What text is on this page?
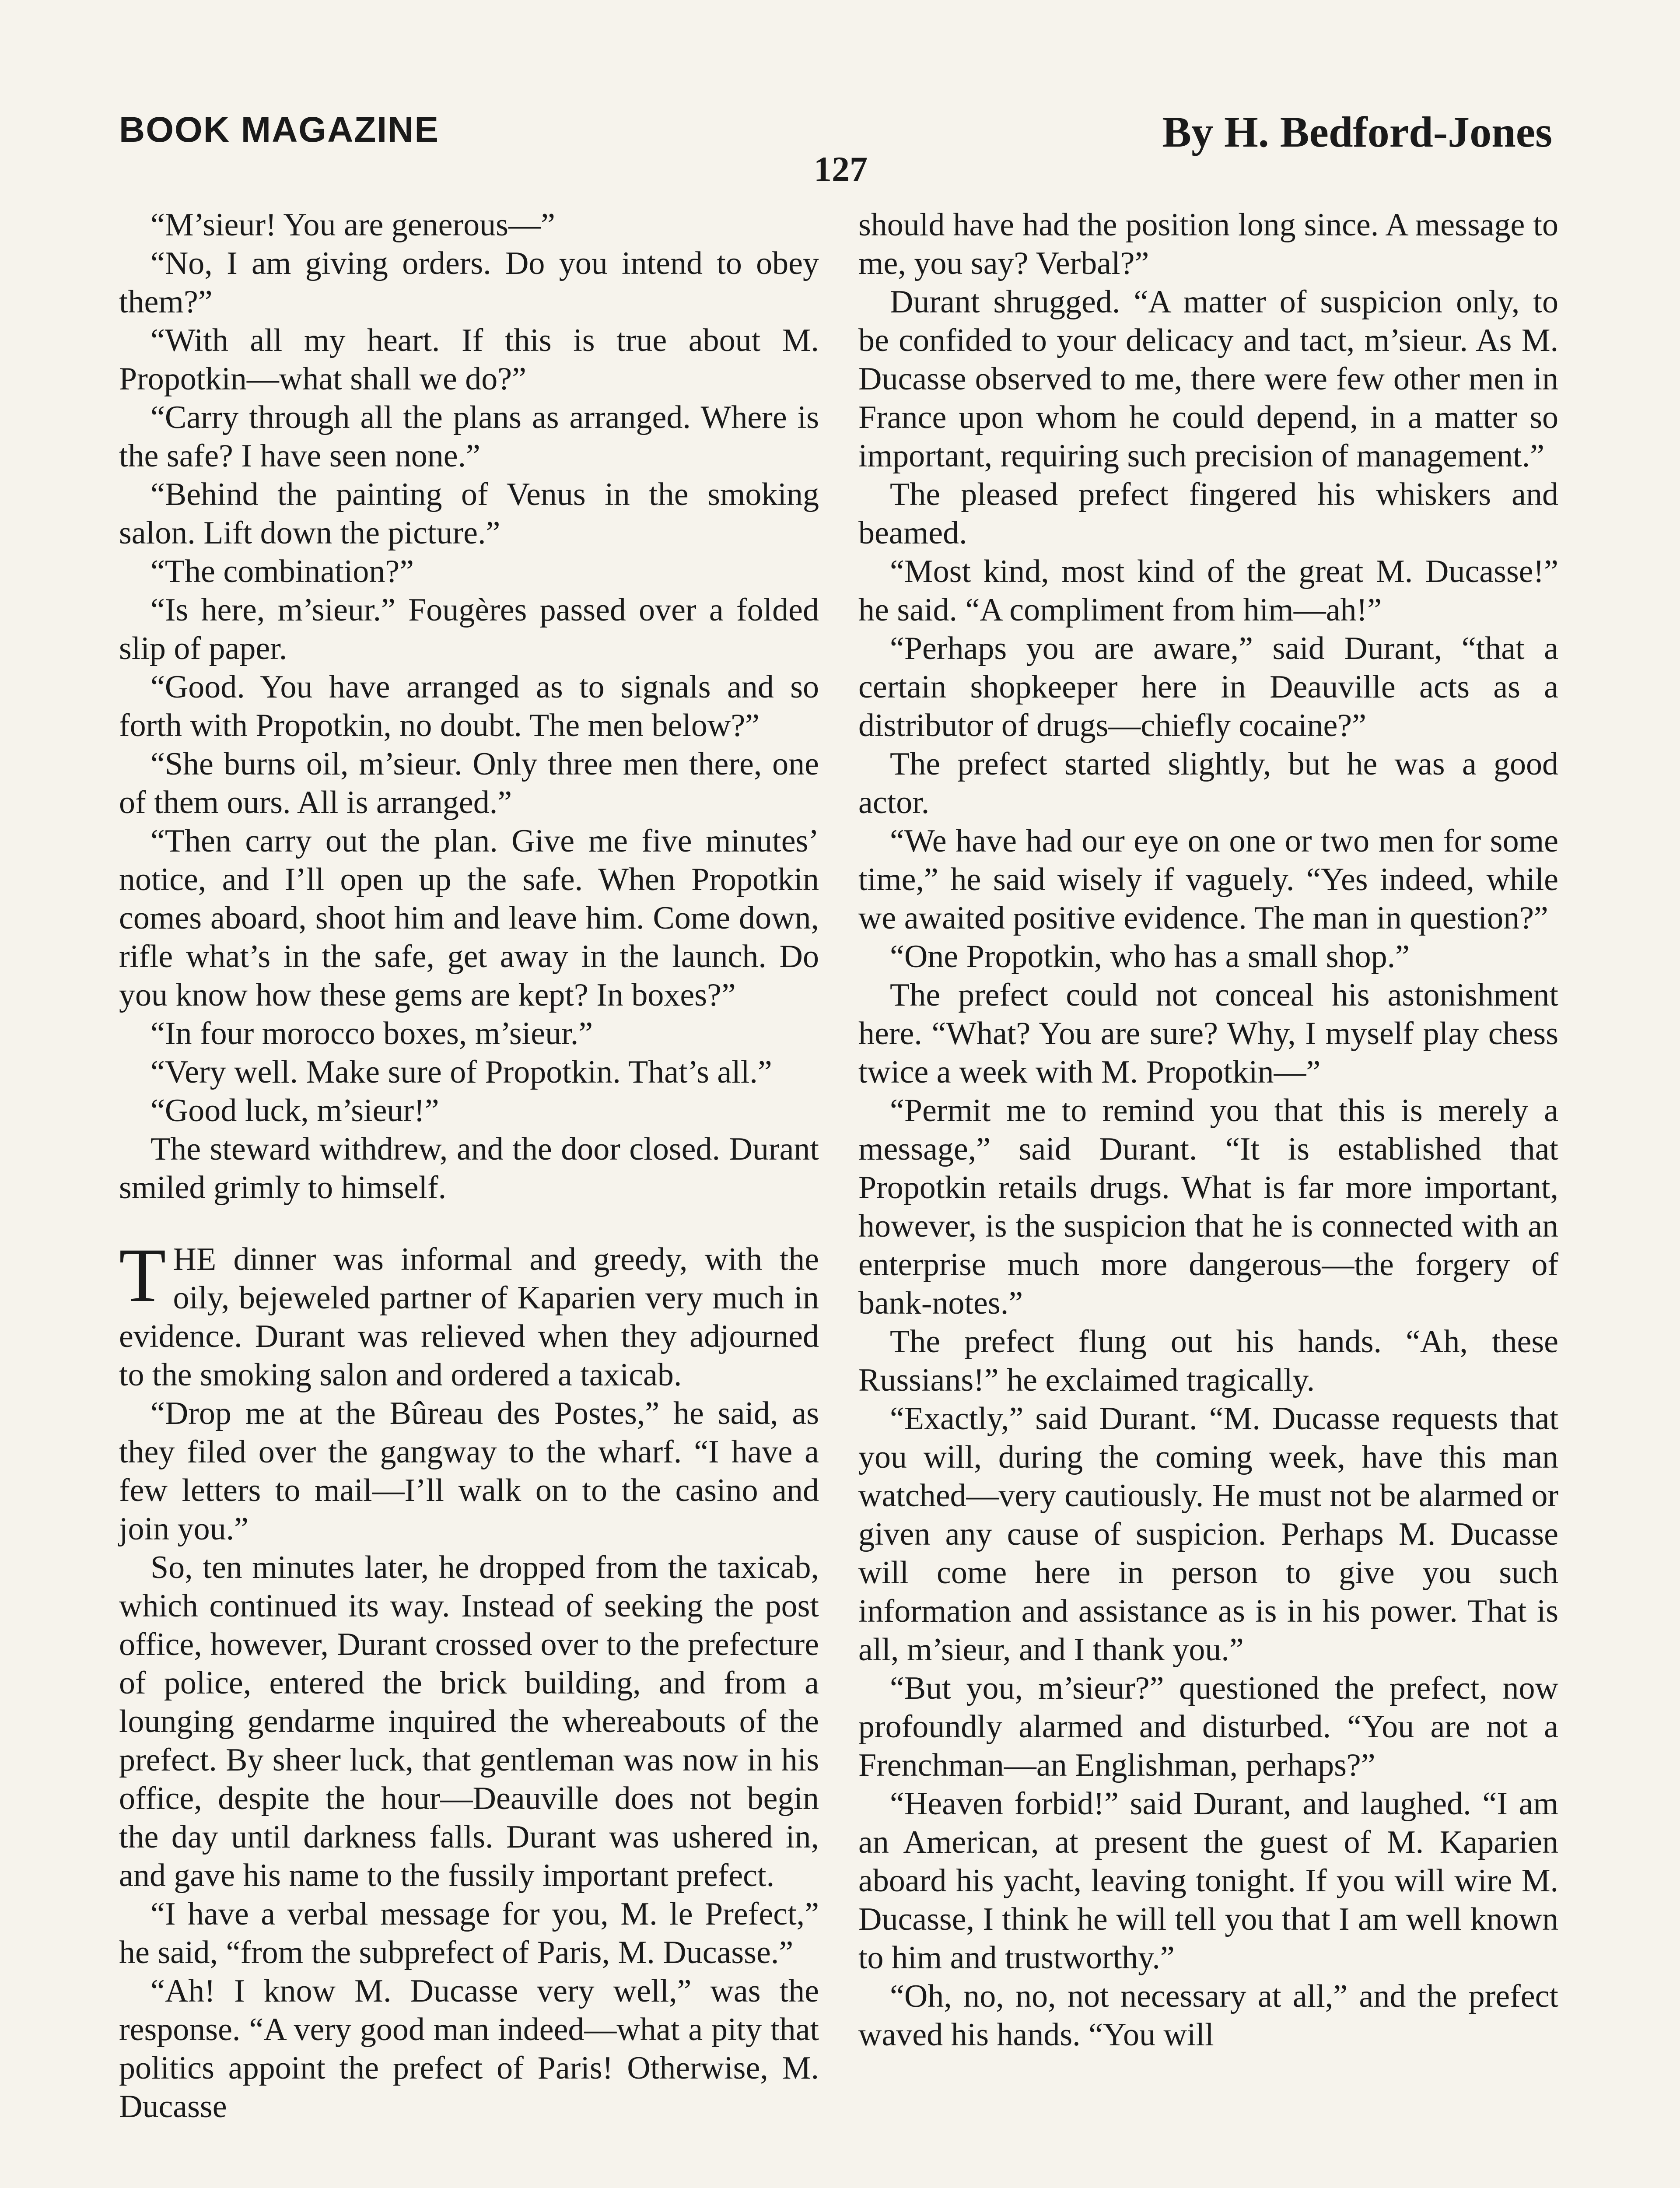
BOOK MAGAZINE	By H. Bedford-Jones
127

“M’sieur! You are generous—”

“No, I am giving orders. Do you intend to obey them?”

“With all my heart. If this is true about M. Propotkin—what shall we do?”

“Carry through all the plans as arranged. Where is the safe? I have seen none.”

“Behind the painting of Venus in the smoking salon. Lift down the picture.”

“The combination?”

“Is here, m’sieur.” Fougères passed over a folded slip of paper.

“Good. You have arranged as to signals and so forth with Propotkin, no doubt. The men below?”

“She burns oil, m’sieur. Only three men there, one of them ours. All is arranged.”

“Then carry out the plan. Give me five minutes’ notice, and I’ll open up the safe. When Propotkin comes aboard, shoot him and leave him. Come down, rifle what’s in the safe, get away in the launch. Do you know how these gems are kept? In boxes?”

“In four morocco boxes, m’sieur.”

“Very well. Make sure of Propotkin. That’s all.”

“Good luck, m’sieur!”

The steward withdrew, and the door closed. Durant smiled grimly to himself.

THE dinner was informal and greedy, with the oily, bejeweled partner of Kaparien very much in evidence. Durant was relieved when they adjourned to the smoking salon and ordered a taxicab.

“Drop me at the Bûreau des Postes,” he said, as they filed over the gangway to the wharf. “I have a few letters to mail—I’ll walk on to the casino and join you.”

So, ten minutes later, he dropped from the taxicab, which continued its way. Instead of seeking the post office, however, Durant crossed over to the prefecture of police, entered the brick building, and from a lounging gendarme inquired the whereabouts of the prefect. By sheer luck, that gentleman was now in his office, despite the hour—Deauville does not begin the day until darkness falls. Durant was ushered in, and gave his name to the fussily important prefect.

“I have a verbal message for you, M. le Prefect,” he said, “from the subprefect of Paris, M. Ducasse.”

“Ah! I know M. Ducasse very well,” was the response. “A very good man indeed—what a pity that politics appoint the prefect of Paris! Otherwise, M. Ducasse

should have had the position long since. A message to me, you say? Verbal?”

Durant shrugged. “A matter of suspicion only, to be confided to your delicacy and tact, m’sieur. As M. Ducasse observed to me, there were few other men in France upon whom he could depend, in a matter so important, requiring such precision of management.”

The pleased prefect fingered his whiskers and beamed.

“Most kind, most kind of the great M. Ducasse!” he said. “A compliment from him—ah!”

“Perhaps you are aware,” said Durant, “that a certain shopkeeper here in Deauville acts as a distributor of drugs—chiefly cocaine?”

The prefect started slightly, but he was a good actor.

“We have had our eye on one or two men for some time,” he said wisely if vaguely. “Yes indeed, while we awaited positive evidence. The man in question?”

“One Propotkin, who has a small shop.”

The prefect could not conceal his astonishment here. “What? You are sure? Why, I myself play chess twice a week with M. Propotkin—”

“Permit me to remind you that this is merely a message,” said Durant. “It is established that Propotkin retails drugs. What is far more important, however, is the suspicion that he is connected with an enterprise much more dangerous—the forgery of bank-notes.”

The prefect flung out his hands. “Ah, these Russians!” he exclaimed tragically.

“Exactly,” said Durant. “M. Ducasse requests that you will, during the coming week, have this man watched—very cautiously. He must not be alarmed or given any cause of suspicion. Perhaps M. Ducasse will come here in person to give you such information and assistance as is in his power. That is all, m’sieur, and I thank you.”

“But you, m’sieur?” questioned the prefect, now profoundly alarmed and disturbed. “You are not a Frenchman—an Englishman, perhaps?”

“Heaven forbid!” said Durant, and laughed. “I am an American, at present the guest of M. Kaparien aboard his yacht, leaving tonight. If you will wire M. Ducasse, I think he will tell you that I am well known to him and trustworthy.”

“Oh, no, no, not necessary at all,” and the prefect waved his hands. “You will
